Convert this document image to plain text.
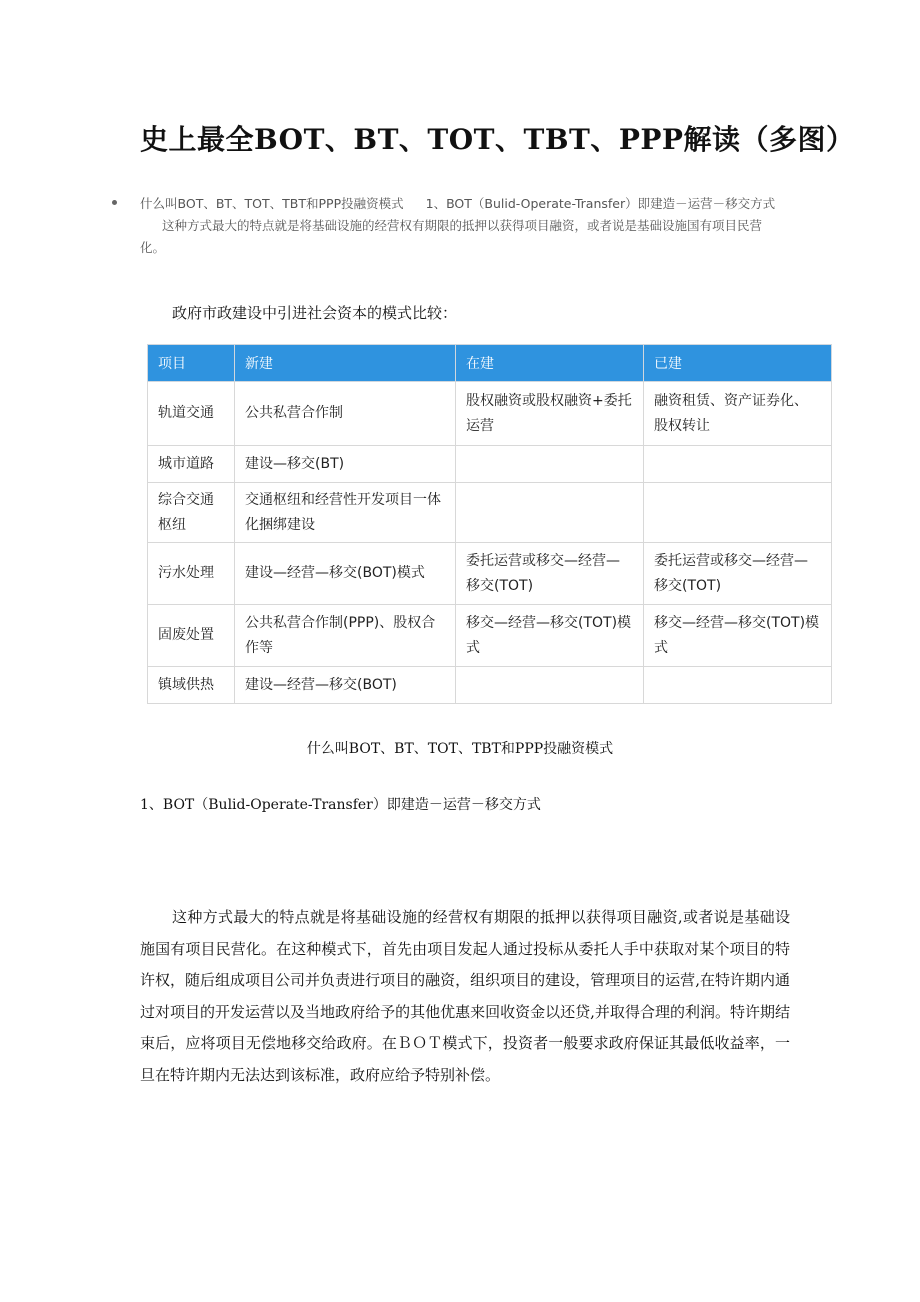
史上最全BOT、BT、TOT、TBT、PPP解读（多图）
什么叫BOT、BT、TOT、TBT和PPP投融资模式 1、BOT（Bulid-Operate-Transfer）即建造－运营－移交方式这种方式最大的特点就是将基础设施的经营权有期限的抵押以获得项目融资，或者说是基础设施国有项目民营化。
政府市政建设中引进社会资本的模式比较：
项目	新建	在建	已建
轨道交通	公共私营合作制	股权融资或股权融资+委托运营	融资租赁、资产证券化、股权转让
城市道路	建设—移交(BT)		
综合交通枢纽	交通枢纽和经营性开发项目一体化捆绑建设		
污水处理	建设—经营—移交(BOT)模式	委托运营或移交—经营—移交(TOT)	委托运营或移交—经营—移交(TOT)
固废处置	公共私营合作制(PPP)、股权合作等	移交—经营—移交(TOT)模式	移交—经营—移交(TOT)模式
镇域供热	建设—经营—移交(BOT)		
什么叫BOT、BT、TOT、TBT和PPP投融资模式
1、BOT（Bulid-Operate-Transfer）即建造－运营－移交方式

这种方式最大的特点就是将基础设施的经营权有期限的抵押以获得项目融资,或者说是基础设施国有项目民营化。在这种模式下，首先由项目发起人通过投标从委托人手中获取对某个项目的特许权，随后组成项目公司并负责进行项目的融资，组织项目的建设，管理项目的运营,在特许期内通过对项目的开发运营以及当地政府给予的其他优惠来回收资金以还贷,并取得合理的利润。特许期结束后，应将项目无偿地移交给政府。在ＢＯＴ模式下，投资者一般要求政府保证其最低收益率，一旦在特许期内无法达到该标准，政府应给予特别补偿。
